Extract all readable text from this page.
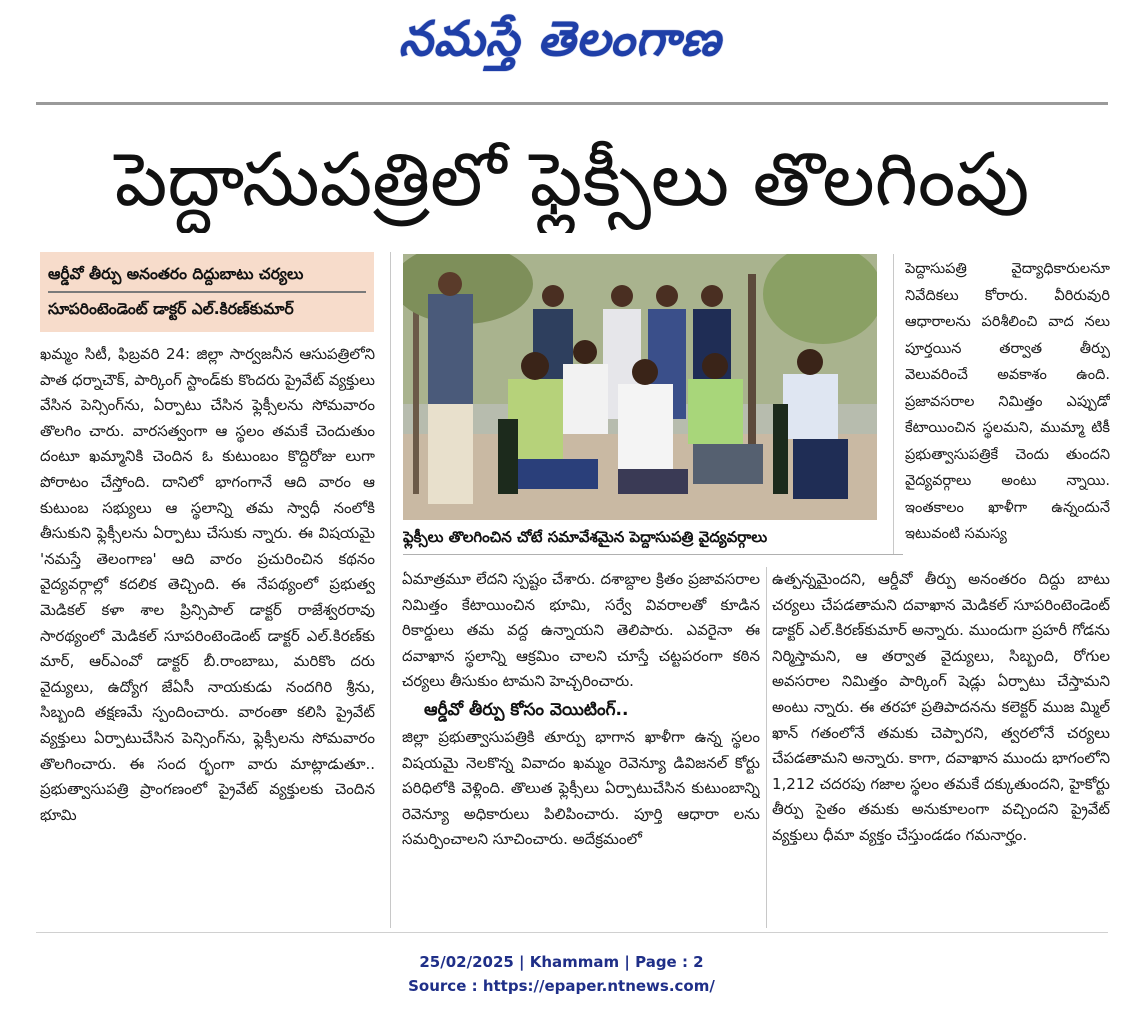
నమస్తే తెలంగాణ
పెద్దాసుపత్రిలో ఫ్లెక్సీలు తొలగింపు
ఆర్డీవో తీర్పు అనంతరం దిద్దుబాటు చర్యలు
సూపరింటెండెంట్ డాక్టర్ ఎల్.కిరణ్‌కుమార్

ఖమ్మం సిటీ, ఫిబ్రవరి 24: జిల్లా సార్వజనీన ఆసుపత్రిలోని పాత ధర్నాచౌక్, పార్కింగ్ స్టాండ్‌కు కొందరు ప్రైవేట్ వ్యక్తులు వేసిన పెన్సింగ్‌ను, ఏర్పాటు చేసిన ఫ్లెక్సీలను సోమవారం తొలగిం చారు. వారసత్వంగా ఆ స్థలం తమకే చెందుతుం దంటూ ఖమ్మానికి చెందిన ఓ కుటుంబం కొద్దిరోజు లుగా పోరాటం చేస్తోంది. దానిలో భాగంగానే ఆది వారం ఆ కుటుంబ సభ్యులు ఆ స్థలాన్ని తమ స్వాధీ నంలోకి తీసుకుని ఫ్లెక్సీలను ఏర్పాటు చేసుకు న్నారు. ఈ విషయమై 'నమస్తే తెలంగాణ' ఆది వారం ప్రచురించిన కథనం వైద్యవర్గాల్లో కదలిక తెచ్చింది. ఈ నేపథ్యంలో ప్రభుత్వ మెడికల్ కళా శాల ప్రిన్సిపాల్ డాక్టర్ రాజేశ్వరరావు సారథ్యంలో మెడికల్ సూపరింటెండెంట్ డాక్టర్ ఎల్.కిరణ్‌కు మార్, ఆర్‌ఎంవో డాక్టర్ బీ.రాంబాబు, మరికొం దరు వైద్యులు, ఉద్యోగ జేఏసీ నాయకుడు నందగిరి శ్రీను, సిబ్బంది తక్షణమే స్పందించారు. వారంతా కలిసి ప్రైవేట్ వ్యక్తులు ఏర్పాటుచేసిన పెన్సింగ్‌ను, ఫ్లెక్సీలను సోమవారం తొలగించారు. ఈ సంద ర్భంగా వారు మాట్లాడుతూ.. ప్రభుత్వాసుపత్రి ప్రాంగణంలో ప్రైవేట్ వ్యక్తులకు చెందిన భూమి

ఫ్లెక్సీలు తొలగించిన చోటే సమావేశమైన పెద్దాసుపత్రి వైద్యవర్గాలు

పెద్దాసుపత్రి వైద్యాధికారులనూ నివేదికలు కోరారు. వీరిరువురి ఆధారాలను పరిశీలించి వాద నలు పూర్తయిన తర్వాత తీర్పు వెలువరించే అవకాశం ఉంది. ప్రజావసరాల నిమిత్తం ఎప్పుడో కేటాయించిన స్థలమని, ముమ్మా టికీ ప్రభుత్వాసుపత్రికే చెందు తుందని వైద్యవర్గాలు అంటు న్నాయి. ఇంతకాలం ఖాళీగా ఉన్నందునే ఇటువంటి సమస్య

ఏమాత్రమూ లేదని స్పష్టం చేశారు. దశాబ్దాల క్రితం ప్రజావసరాల నిమిత్తం కేటాయించిన భూమి, సర్వే వివరాలతో కూడిన రికార్డులు తమ వద్ద ఉన్నాయని తెలిపారు. ఎవరైనా ఈ దవాఖాన స్థలాన్ని ఆక్రమిం చాలని చూస్తే చట్టపరంగా కఠిన చర్యలు తీసుకుం టామని హెచ్చరించారు.

ఆర్డీవో తీర్పు కోసం వెయిటింగ్..

జిల్లా ప్రభుత్వాసుపత్రికి తూర్పు భాగాన ఖాళీగా ఉన్న స్థలం విషయమై నెలకొన్న వివాదం ఖమ్మం రెవెన్యూ డివిజనల్ కోర్టు పరిధిలోకి వెళ్లింది. తొలుత ఫ్లెక్సీలు ఏర్పాటుచేసిన కుటుంబాన్ని రెవెన్యూ అధికారులు పిలిపించారు. పూర్తి ఆధారా లను సమర్పించాలని సూచించారు. అదేక్రమంలో

ఉత్పన్నమైందని, ఆర్డీవో తీర్పు అనంతరం దిద్దు బాటు చర్యలు చేపడతామని దవాఖాన మెడికల్ సూపరింటెండెంట్ డాక్టర్ ఎల్.కిరణ్‌కుమార్ అన్నారు. ముందుగా ప్రహరీ గోడను నిర్మిస్తామని, ఆ తర్వాత వైద్యులు, సిబ్బంది, రోగుల అవసరాల నిమిత్తం పార్కింగ్ షెడ్లు ఏర్పాటు చేస్తామని అంటు న్నారు. ఈ తరహా ప్రతిపాదనను కలెక్టర్ ముజ మ్మిల్ ఖాన్ గతంలోనే తమకు చెప్పారని, త్వరలోనే చర్యలు చేపడతామని అన్నారు. కాగా, దవాఖాన ముందు భాగంలోని 1,212 చదరపు గజాల స్థలం తమకే దక్కుతుందని, హైకోర్టు తీర్పు సైతం తమకు అనుకూలంగా వచ్చిందని ప్రైవేట్ వ్యక్తులు ధీమా వ్యక్తం చేస్తుండడం గమనార్హం.

25/02/2025 | Khammam | Page : 2
Source : https://epaper.ntnews.com/
